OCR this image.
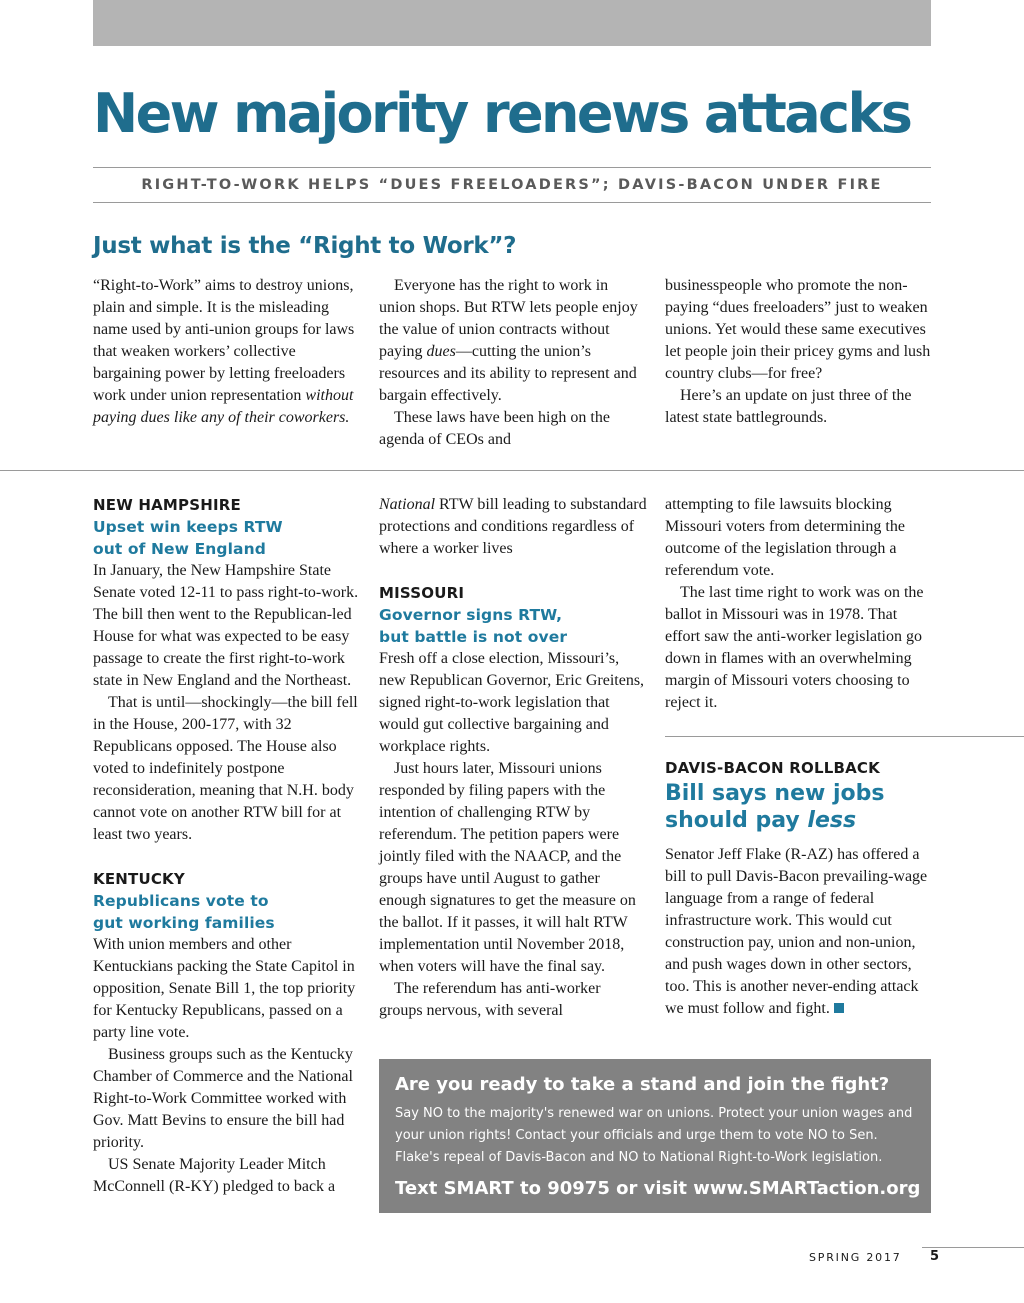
New majority renews attacks
RIGHT-TO-WORK HELPS “DUES FREELOADERS”; DAVIS-BACON UNDER FIRE
Just what is the “Right to Work”?

“Right-to-Work” aims to destroy unions, plain and simple. It is the misleading name used by anti-union groups for laws that weaken workers’ collective bargaining power by letting freeloaders work under union representation without paying dues like any of their coworkers.

Everyone has the right to work in union shops. But RTW lets people enjoy the value of union contracts without paying dues—cutting the union’s resources and its ability to represent and bargain effectively.

These laws have been high on the agenda of CEOs and

businesspeople who promote the non-paying “dues freeloaders” just to weaken unions. Yet would these same executives let people join their pricey gyms and lush country clubs—for free?

Here’s an update on just three of the latest state battlegrounds.

NEW HAMPSHIRE
Upset win keeps RTW
out of New England

In January, the New Hampshire State Senate voted 12-11 to pass right-to-work. The bill then went to the Republican-led House for what was expected to be easy passage to create the first right-to-work state in New England and the Northeast.

That is until—shockingly—the bill fell in the House, 200-177, with 32 Republicans opposed. The House also voted to indefinitely postpone reconsideration, meaning that N.H. body cannot vote on another RTW bill for at least two years.

KENTUCKY
Republicans vote to
gut working families

With union members and other Kentuckians packing the State Capitol in opposition, Senate Bill 1, the top priority for Kentucky Republicans, passed on a party line vote.

Business groups such as the Kentucky Chamber of Commerce and the National Right-to-Work Committee worked with Gov. Matt Bevins to ensure the bill had priority.

US Senate Majority Leader Mitch McConnell (R-KY) pledged to back a

National RTW bill leading to substandard protections and conditions regardless of where a worker lives

MISSOURI
Governor signs RTW,
but battle is not over

Fresh off a close election, Missouri’s, new Republican Governor, Eric Greitens, signed right-to-work legislation that would gut collective bargaining and workplace rights.

Just hours later, Missouri unions responded by filing papers with the intention of challenging RTW by referendum. The petition papers were jointly filed with the NAACP, and the groups have until August to gather enough signatures to get the measure on the ballot. If it passes, it will halt RTW implementation until November 2018, when voters will have the final say.

The referendum has anti-worker groups nervous, with several

attempting to file lawsuits blocking Missouri voters from determining the outcome of the legislation through a referendum vote.

The last time right to work was on the ballot in Missouri was in 1978. That effort saw the anti-worker legislation go down in flames with an overwhelming margin of Missouri voters choosing to reject it.

DAVIS-BACON ROLLBACK
Bill says new jobs
should pay less

Senator Jeff Flake (R-AZ) has offered a bill to pull Davis-Bacon prevailing-wage language from a range of federal infrastructure work. This would cut construction pay, union and non-union, and push wages down in other sectors, too. This is another never-ending attack we must follow and fight.

Are you ready to take a stand and join the fight?
Say NO to the majority's renewed war on unions. Protect your union wages and your union rights! Contact your officials and urge them to vote NO to Sen. Flake's repeal of Davis-Bacon and NO to National Right-to-Work legislation.
Text SMART to 90975 or visit www.SMARTaction.org
SPRING 2017 5
